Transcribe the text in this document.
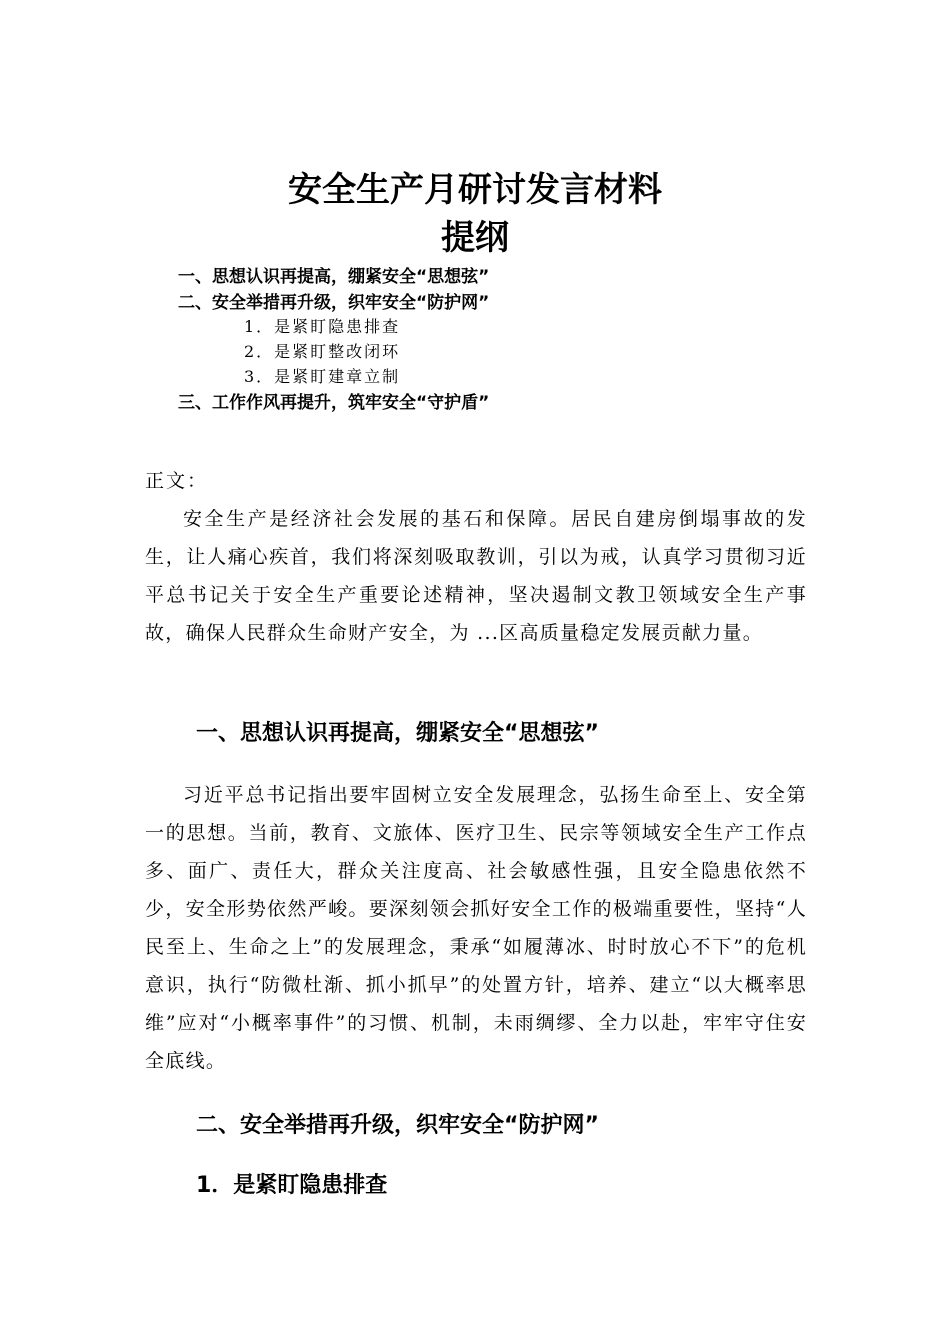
安全生产月研讨发言材料
提纲
一、思想认识再提高，绷紧安全“思想弦”
二、安全举措再升级，织牢安全“防护网”
1．是紧盯隐患排查
2．是紧盯整改闭环
3．是紧盯建章立制
三、工作作风再提升，筑牢安全“守护盾”
正文：

安全生产是经济社会发展的基石和保障。居民自建房倒塌事故的发生，让人痛心疾首，我们将深刻吸取教训，引以为戒，认真学习贯彻习近平总书记关于安全生产重要论述精神，坚决遏制文教卫领域安全生产事故，确保人民群众生命财产安全，为 ...区高质量稳定发展贡献力量。

一、思想认识再提高，绷紧安全“思想弦”

习近平总书记指出要牢固树立安全发展理念，弘扬生命至上、安全第一的思想。当前，教育、文旅体、医疗卫生、民宗等领域安全生产工作点多、面广、责任大，群众关注度高、社会敏感性强，且安全隐患依然不少，安全形势依然严峻。要深刻领会抓好安全工作的极端重要性，坚持“人民至上、生命之上”的发展理念，秉承“如履薄冰、时时放心不下”的危机意识，执行“防微杜渐、抓小抓早”的处置方针，培养、建立“以大概率思维”应对“小概率事件”的习惯、机制，未雨绸缪、全力以赴，牢牢守住安全底线。

二、安全举措再升级，织牢安全“防护网”
1．是紧盯隐患排查
